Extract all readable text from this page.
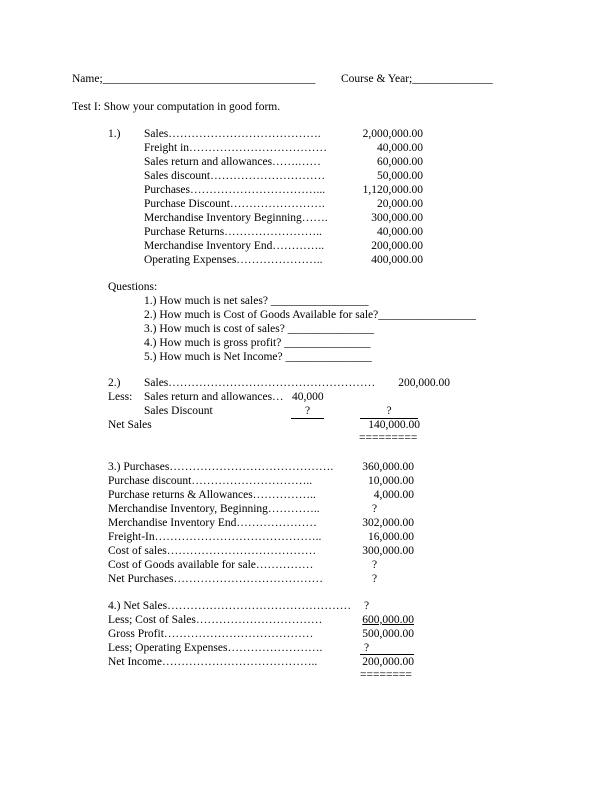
Name;_____________________________________ Course & Year;______________
Test I: Show your computation in good form.
1.) Sales………………………………….	2,000,000.00
Freight in………………………………	40,000.00
Sales return and allowances…….……	60,000.00
Sales discount…………………………	50,000.00
Purchases……………………………...	1,120,000.00
Purchase Discount…………………….	20,000.00
Merchandise Inventory Beginning…….	300,000.00
Purchase Returns……………………..	40,000.00
Merchandise Inventory End…………..	200,000.00
Operating Expenses…………………..	400,000.00
Questions:
1.) How much is net sales? _________________
2.) How much is Cost of Goods Available for sale?_________________
3.) How much is cost of sales? _______________
4.) How much is gross profit? _______________
5.) How much is Net Income? _______________
2.) Sales………………………………………………	200,000.00
Less: Sales return and allowances… 40,000
Sales Discount	?	?
Net Sales	140,000.00
=========
3.) Purchases…………………………………….	360,000.00
Purchase discount…………………………..	10,000.00
Purchase returns & Allowances……………..	4,000.00
Merchandise Inventory, Beginning…………..	?
Merchandise Inventory End…………………	302,000.00
Freight-In……………………………………..	16,000.00
Cost of sales…………………………………	300,000.00
Cost of Goods available for sale……………	?
Net Purchases…………………………………	?
4.) Net Sales………………………………………… ?
Less; Cost of Sales……………………………	600,000.00
Gross Profit…………………………………	500,000.00
Less; Operating Expenses…………………….	?
Net Income…………………………………..	200,000.00
========
